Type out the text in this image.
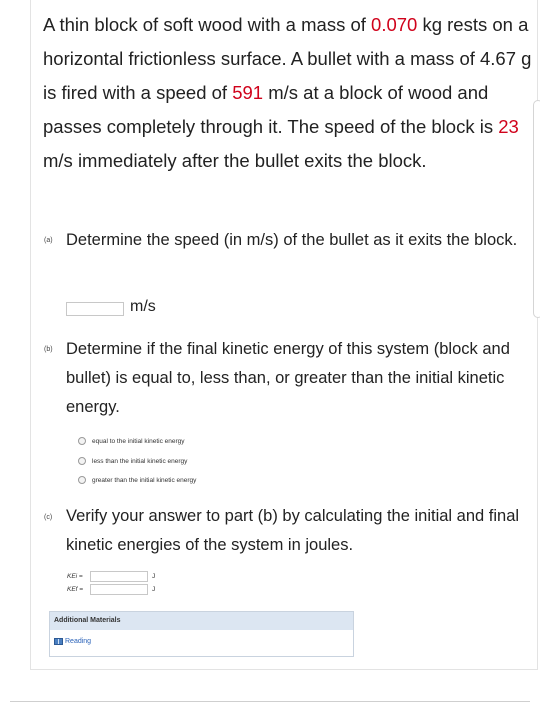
A thin block of soft wood with a mass of 0.070 kg rests on a horizontal frictionless surface. A bullet with a mass of 4.67 g is fired with a speed of 591 m/s at a block of wood and passes completely through it. The speed of the block is 23 m/s immediately after the bullet exits the block.
(a) Determine the speed (in m/s) of the bullet as it exits the block.
m/s
(b) Determine if the final kinetic energy of this system (block and bullet) is equal to, less than, or greater than the initial kinetic energy.
equal to the initial kinetic energy
less than the initial kinetic energy
greater than the initial kinetic energy
(c) Verify your answer to part (b) by calculating the initial and final kinetic energies of the system in joules.
KEi =	J
KEf =	J
Additional Materials
Reading
